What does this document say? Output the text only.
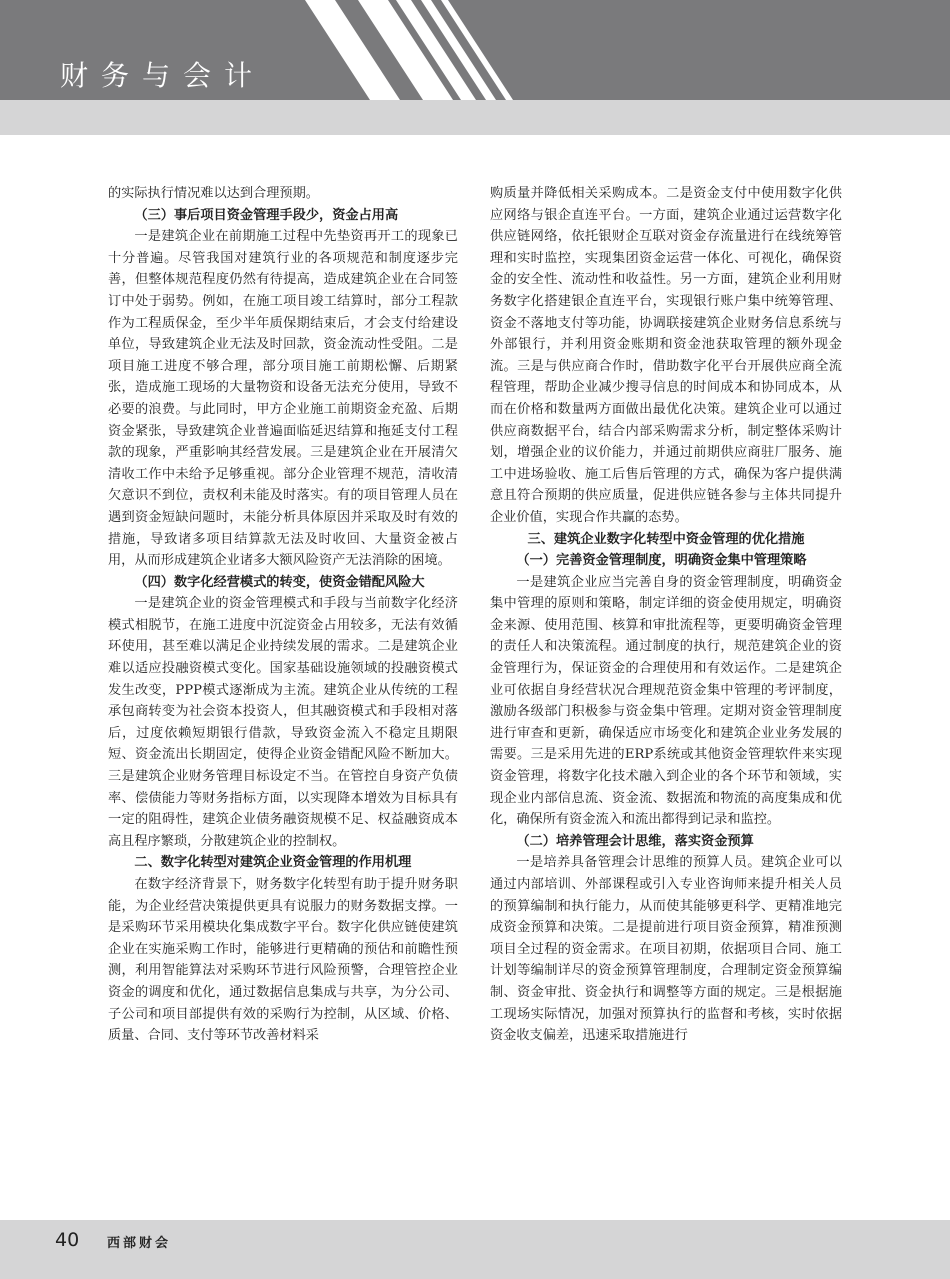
财务与会计

的实际执行情况难以达到合理预期。

（三）事后项目资金管理手段少，资金占用高

一是建筑企业在前期施工过程中先垫资再开工的现象已十分普遍。尽管我国对建筑行业的各项规范和制度逐步完善，但整体规范程度仍然有待提高，造成建筑企业在合同签订中处于弱势。例如，在施工项目竣工结算时，部分工程款作为工程质保金，至少半年质保期结束后，才会支付给建设单位，导致建筑企业无法及时回款，资金流动性受阻。二是项目施工进度不够合理，部分项目施工前期松懈、后期紧张，造成施工现场的大量物资和设备无法充分使用，导致不必要的浪费。与此同时，甲方企业施工前期资金充盈、后期资金紧张，导致建筑企业普遍面临延迟结算和拖延支付工程款的现象，严重影响其经营发展。三是建筑企业在开展清欠清收工作中未给予足够重视。部分企业管理不规范，清收清欠意识不到位，责权利未能及时落实。有的项目管理人员在遇到资金短缺问题时，未能分析具体原因并采取及时有效的措施，导致诸多项目结算款无法及时收回、大量资金被占用，从而形成建筑企业诸多大额风险资产无法消除的困境。

（四）数字化经营模式的转变，使资金错配风险大

一是建筑企业的资金管理模式和手段与当前数字化经济模式相脱节，在施工进度中沉淀资金占用较多，无法有效循环使用，甚至难以满足企业持续发展的需求。二是建筑企业难以适应投融资模式变化。国家基础设施领域的投融资模式发生改变，PPP模式逐渐成为主流。建筑企业从传统的工程承包商转变为社会资本投资人，但其融资模式和手段相对落后，过度依赖短期银行借款，导致资金流入不稳定且期限短、资金流出长期固定，使得企业资金错配风险不断加大。三是建筑企业财务管理目标设定不当。在管控自身资产负债率、偿债能力等财务指标方面，以实现降本增效为目标具有一定的阻碍性，建筑企业债务融资规模不足、权益融资成本高且程序繁琐，分散建筑企业的控制权。

二、数字化转型对建筑企业资金管理的作用机理

在数字经济背景下，财务数字化转型有助于提升财务职能，为企业经营决策提供更具有说服力的财务数据支撑。一是采购环节采用模块化集成数字平台。数字化供应链使建筑企业在实施采购工作时，能够进行更精确的预估和前瞻性预测，利用智能算法对采购环节进行风险预警，合理管控企业资金的调度和优化，通过数据信息集成与共享，为分公司、子公司和项目部提供有效的采购行为控制，从区域、价格、质量、合同、支付等环节改善材料采

购质量并降低相关采购成本。二是资金支付中使用数字化供应网络与银企直连平台。一方面，建筑企业通过运营数字化供应链网络，依托银财企互联对资金存流量进行在线统筹管理和实时监控，实现集团资金运营一体化、可视化，确保资金的安全性、流动性和收益性。另一方面，建筑企业利用财务数字化搭建银企直连平台，实现银行账户集中统筹管理、资金不落地支付等功能，协调联接建筑企业财务信息系统与外部银行，并利用资金账期和资金池获取管理的额外现金流。三是与供应商合作时，借助数字化平台开展供应商全流程管理，帮助企业减少搜寻信息的时间成本和协同成本，从而在价格和数量两方面做出最优化决策。建筑企业可以通过供应商数据平台，结合内部采购需求分析，制定整体采购计划，增强企业的议价能力，并通过前期供应商驻厂服务、施工中进场验收、施工后售后管理的方式，确保为客户提供满意且符合预期的供应质量，促进供应链各参与主体共同提升企业价值，实现合作共赢的态势。

三、建筑企业数字化转型中资金管理的优化措施
（一）完善资金管理制度，明确资金集中管理策略

一是建筑企业应当完善自身的资金管理制度，明确资金集中管理的原则和策略，制定详细的资金使用规定，明确资金来源、使用范围、核算和审批流程等，更要明确资金管理的责任人和决策流程。通过制度的执行，规范建筑企业的资金管理行为，保证资金的合理使用和有效运作。二是建筑企业可依据自身经营状况合理规范资金集中管理的考评制度，激励各级部门积极参与资金集中管理。定期对资金管理制度进行审查和更新，确保适应市场变化和建筑企业业务发展的需要。三是采用先进的ERP系统或其他资金管理软件来实现资金管理，将数字化技术融入到企业的各个环节和领域，实现企业内部信息流、资金流、数据流和物流的高度集成和优化，确保所有资金流入和流出都得到记录和监控。

（二）培养管理会计思维，落实资金预算

一是培养具备管理会计思维的预算人员。建筑企业可以通过内部培训、外部课程或引入专业咨询师来提升相关人员的预算编制和执行能力，从而使其能够更科学、更精准地完成资金预算和决策。二是提前进行项目资金预算，精准预测项目全过程的资金需求。在项目初期，依据项目合同、施工计划等编制详尽的资金预算管理制度，合理制定资金预算编制、资金审批、资金执行和调整等方面的规定。三是根据施工现场实际情况，加强对预算执行的监督和考核，实时依据资金收支偏差，迅速采取措施进行

40 西部财会
